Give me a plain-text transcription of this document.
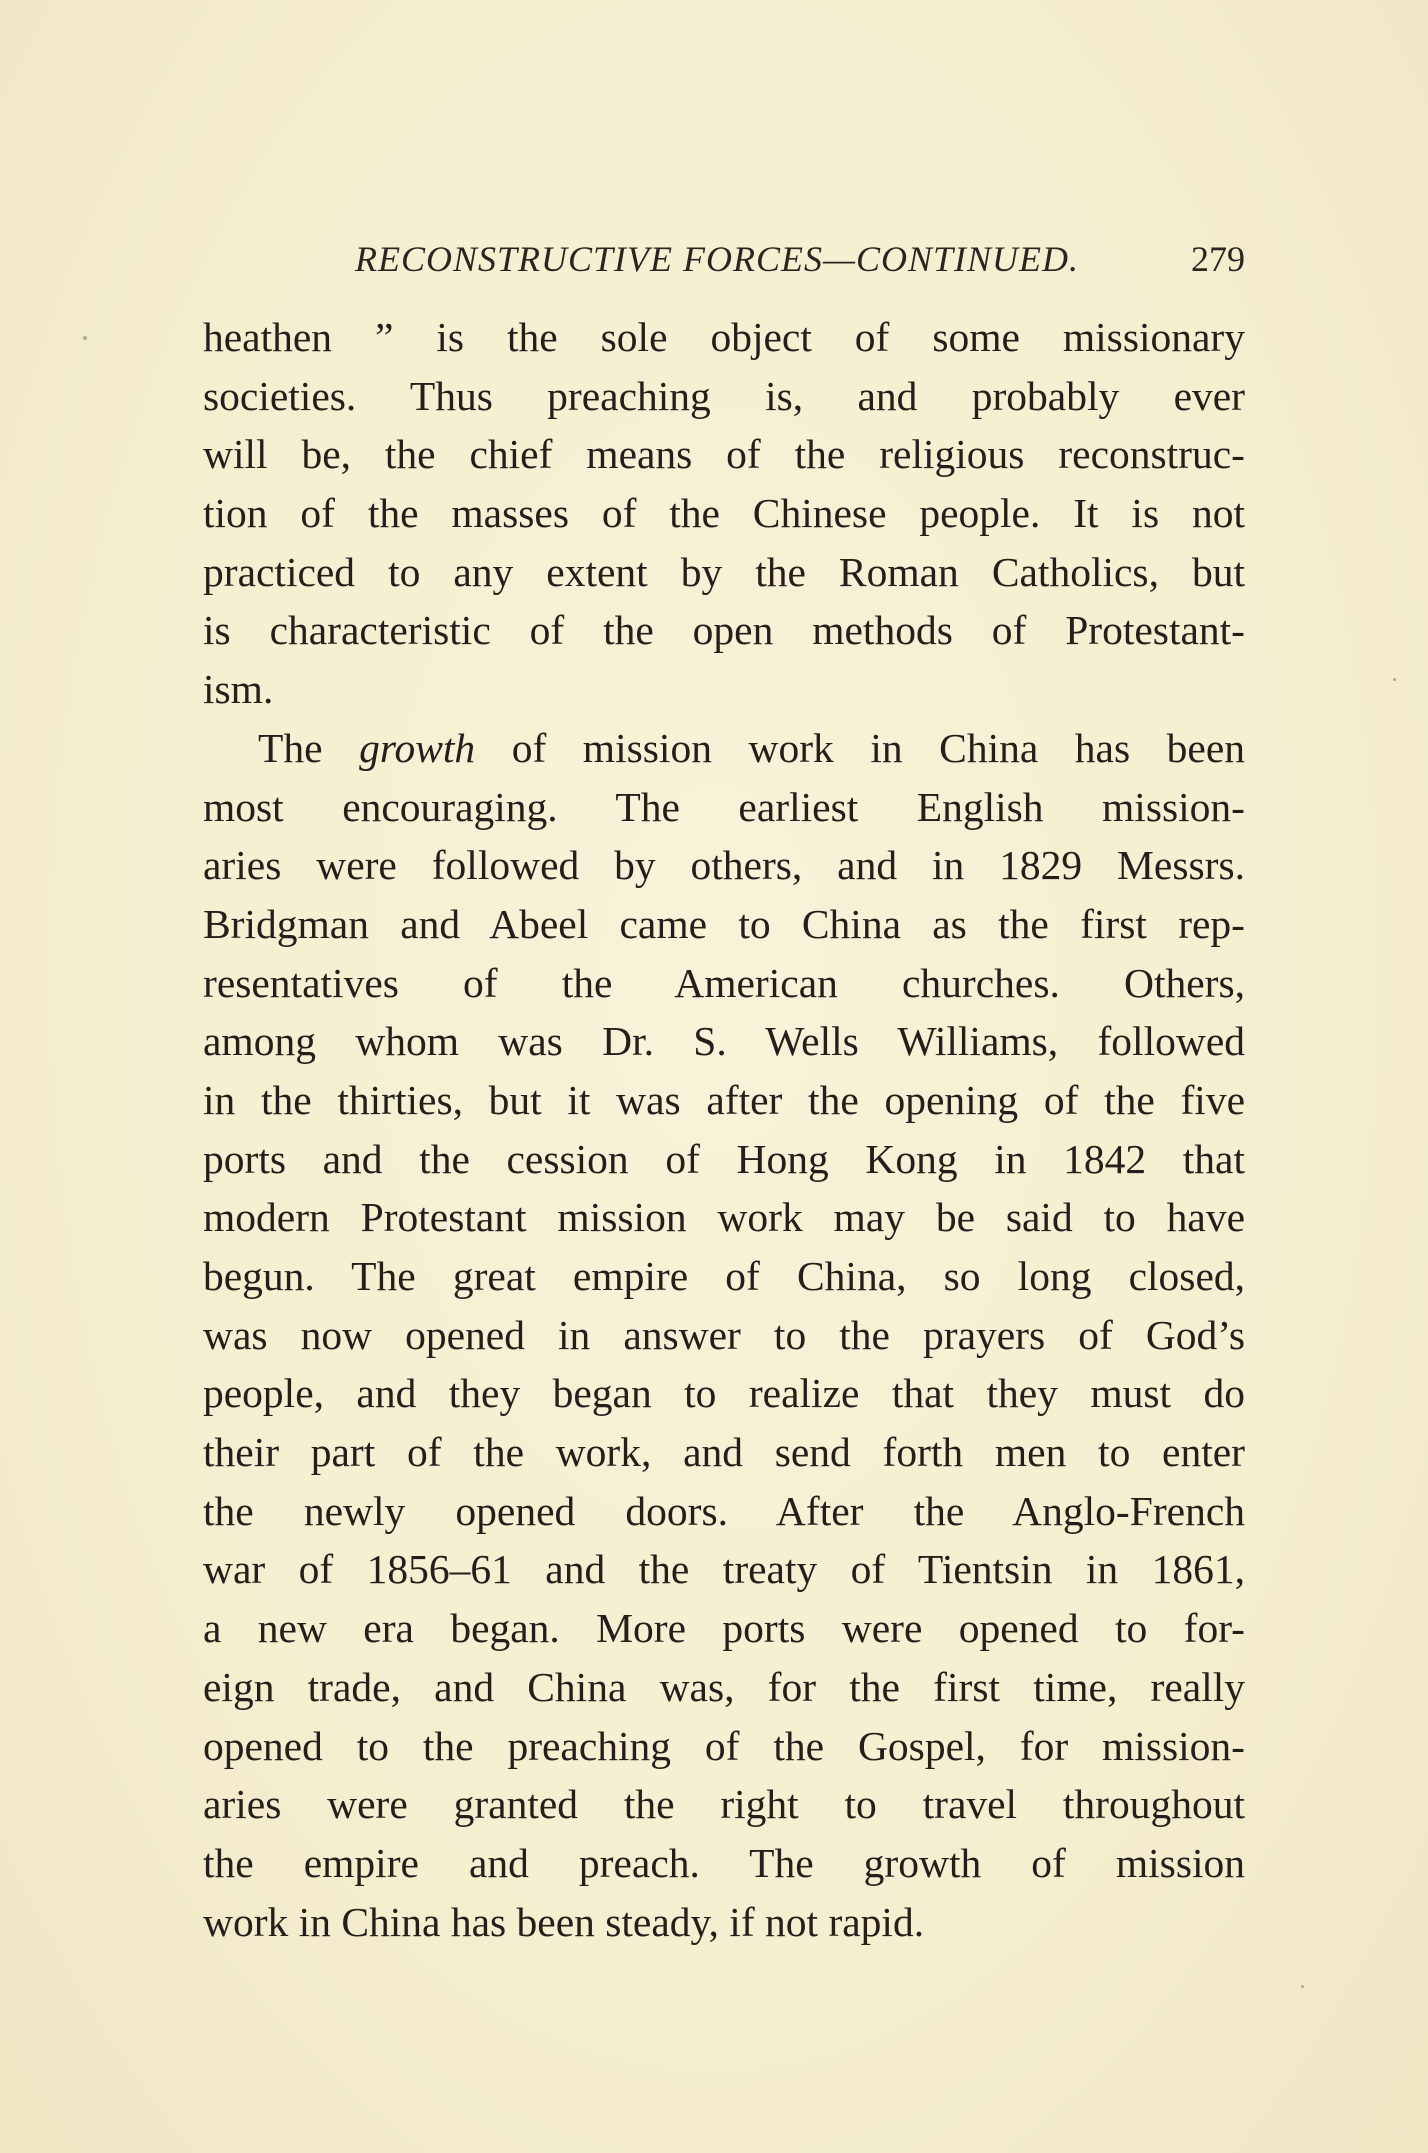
RECONSTRUCTIVE FORCES—CONTINUED.	279
heathen ” is the sole object of some missionary
societies. Thus preaching is, and probably ever
will be, the chief means of the religious reconstruc-
tion of the masses of the Chinese people. It is not
practiced to any extent by the Roman Catholics, but
is characteristic of the open methods of Protestant-
ism.
The growth of mission work in China has been
most encouraging. The earliest English mission-
aries were followed by others, and in 1829 Messrs.
Bridgman and Abeel came to China as the first rep-
resentatives of the American churches. Others,
among whom was Dr. S. Wells Williams, followed
in the thirties, but it was after the opening of the five
ports and the cession of Hong Kong in 1842 that
modern Protestant mission work may be said to have
begun. The great empire of China, so long closed,
was now opened in answer to the prayers of God’s
people, and they began to realize that they must do
their part of the work, and send forth men to enter
the newly opened doors. After the Anglo-French
war of 1856–61 and the treaty of Tientsin in 1861,
a new era began. More ports were opened to for-
eign trade, and China was, for the first time, really
opened to the preaching of the Gospel, for mission-
aries were granted the right to travel throughout
the empire and preach. The growth of mission
work in China has been steady, if not rapid.
